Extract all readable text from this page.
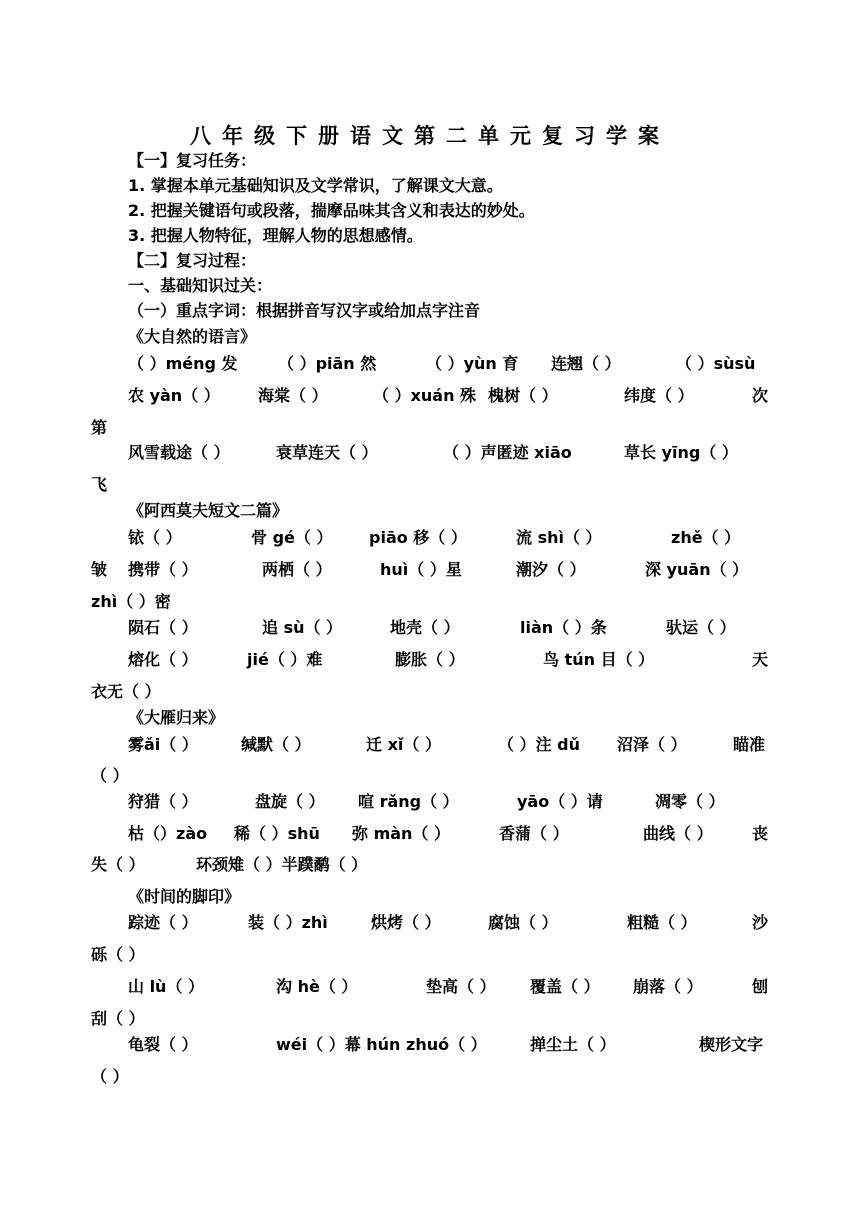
八年级下册语文第二单元复习学案
【一】复习任务：
1. 掌握本单元基础知识及文学常识，了解课文大意。
2. 把握关键语句或段落，揣摩品味其含义和表达的妙处。
3. 把握人物特征，理解人物的思想感情。
【二】复习过程：
一、基础知识过关：
（一）重点字词：根据拼音写汉字或给加点字注音
《大自然的语言》
（ ）méng 发	（ ）piān 然	（ ）yùn 育 连翘（ ）	（ ）sùsù
农 yàn（ ） 海棠（ ）	（ ）xuán 殊 槐树（ ）	纬度（ ）	次
第
风雪载途（ ）	衰草连天（ ）	（ ）声匿迹 xiāo	草长 yīng（ ）
飞
《阿西莫夫短文二篇》
铱（ ）	骨 gé（ ） piāo 移（ ）	流 shì（ ）	zhě（ ）
皱 携带（ ）	两栖（ ）	huì（ ）星	潮汐（ ）	深 yuān（ ）
zhì（ ）密
陨石（ ）	追 sù（ ）	地壳（ ）	liàn（ ）条	驮运（ ）
熔化（ ）	jié（ ）难	膨胀（ ）	鸟 tún 目（ ）	天
衣无（ ）
《大雁归来》
雾ǎi（ ）	缄默（ ）	迁 xǐ（ ）	（ ）注 dǔ 沼泽（ ）	瞄准
（ ）
狩猎（ ）	盘旋（ ） 喧 rǎng（ ）	yāo（ ）请	凋零（ ）
枯（）zào 稀（ ）shū 弥 màn（ ）	香蒲（ ）	曲线（ ） 丧
失（ ）	环颈雉（ ）半蹼鹬（ ）
《时间的脚印》
踪迹（ ）	装（ ）zhì	烘烤（ ）	腐蚀（ ）	粗糙（ ）	沙
砾（ ）
山 lù（ ）	沟 hè（ ）	垫高（ ） 覆盖（ ） 崩落（ ）	刨
刮（ ）
龟裂（ ）	wéi（ ）幕 hún zhuó（ ）	掸尘土（ ）	楔形文字
（ ）
